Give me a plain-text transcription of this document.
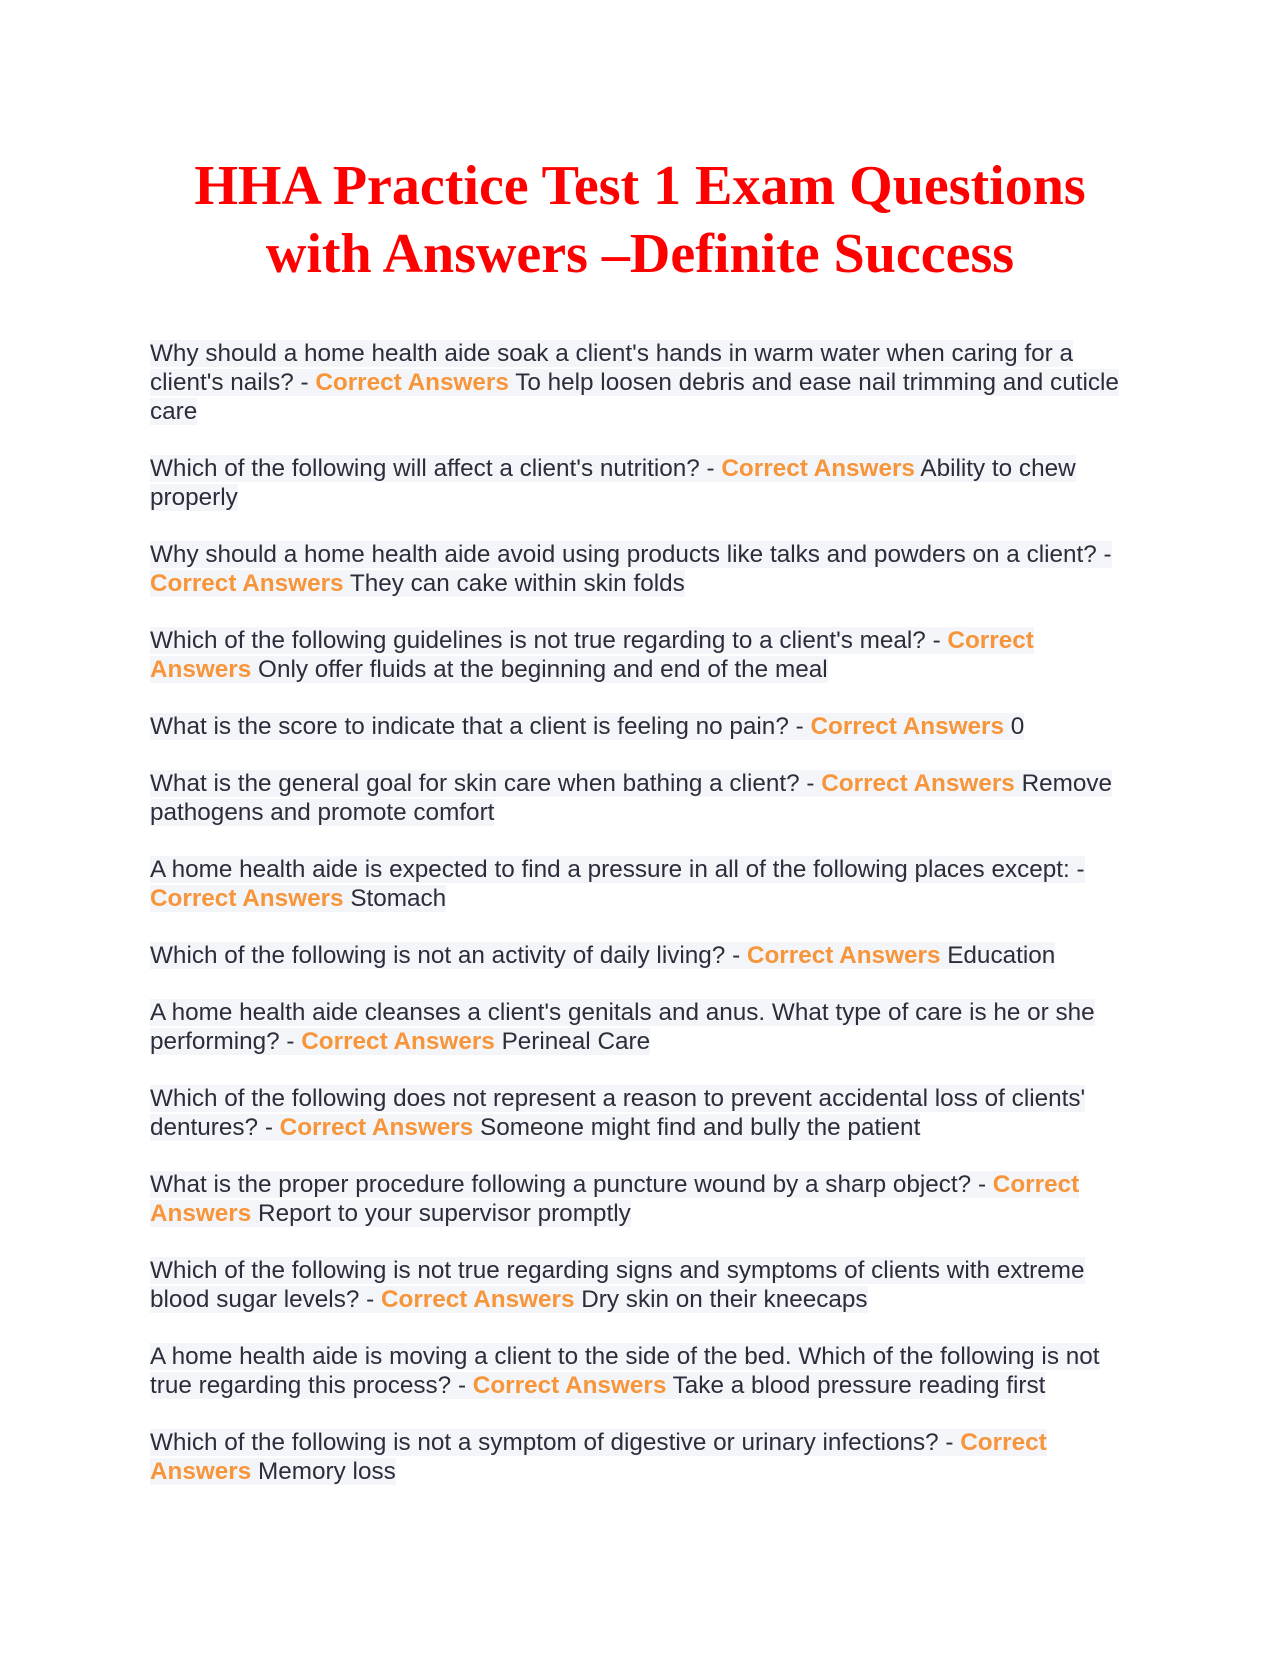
HHA Practice Test 1 Exam Questions with Answers –Definite Success

Why should a home health aide soak a client's hands in warm water when caring for a client's nails? - Correct Answers To help loosen debris and ease nail trimming and cuticle care

Which of the following will affect a client's nutrition? - Correct Answers Ability to chew properly

Why should a home health aide avoid using products like talks and powders on a client? - Correct Answers They can cake within skin folds

Which of the following guidelines is not true regarding to a client's meal? - Correct Answers Only offer fluids at the beginning and end of the meal

What is the score to indicate that a client is feeling no pain? - Correct Answers 0

What is the general goal for skin care when bathing a client? - Correct Answers Remove pathogens and promote comfort

A home health aide is expected to find a pressure in all of the following places except: - Correct Answers Stomach

Which of the following is not an activity of daily living? - Correct Answers Education

A home health aide cleanses a client's genitals and anus. What type of care is he or she performing? - Correct Answers Perineal Care

Which of the following does not represent a reason to prevent accidental loss of clients' dentures? - Correct Answers Someone might find and bully the patient

What is the proper procedure following a puncture wound by a sharp object? - Correct Answers Report to your supervisor promptly

Which of the following is not true regarding signs and symptoms of clients with extreme blood sugar levels? - Correct Answers Dry skin on their kneecaps

A home health aide is moving a client to the side of the bed. Which of the following is not true regarding this process? - Correct Answers Take a blood pressure reading first

Which of the following is not a symptom of digestive or urinary infections? - Correct Answers Memory loss
